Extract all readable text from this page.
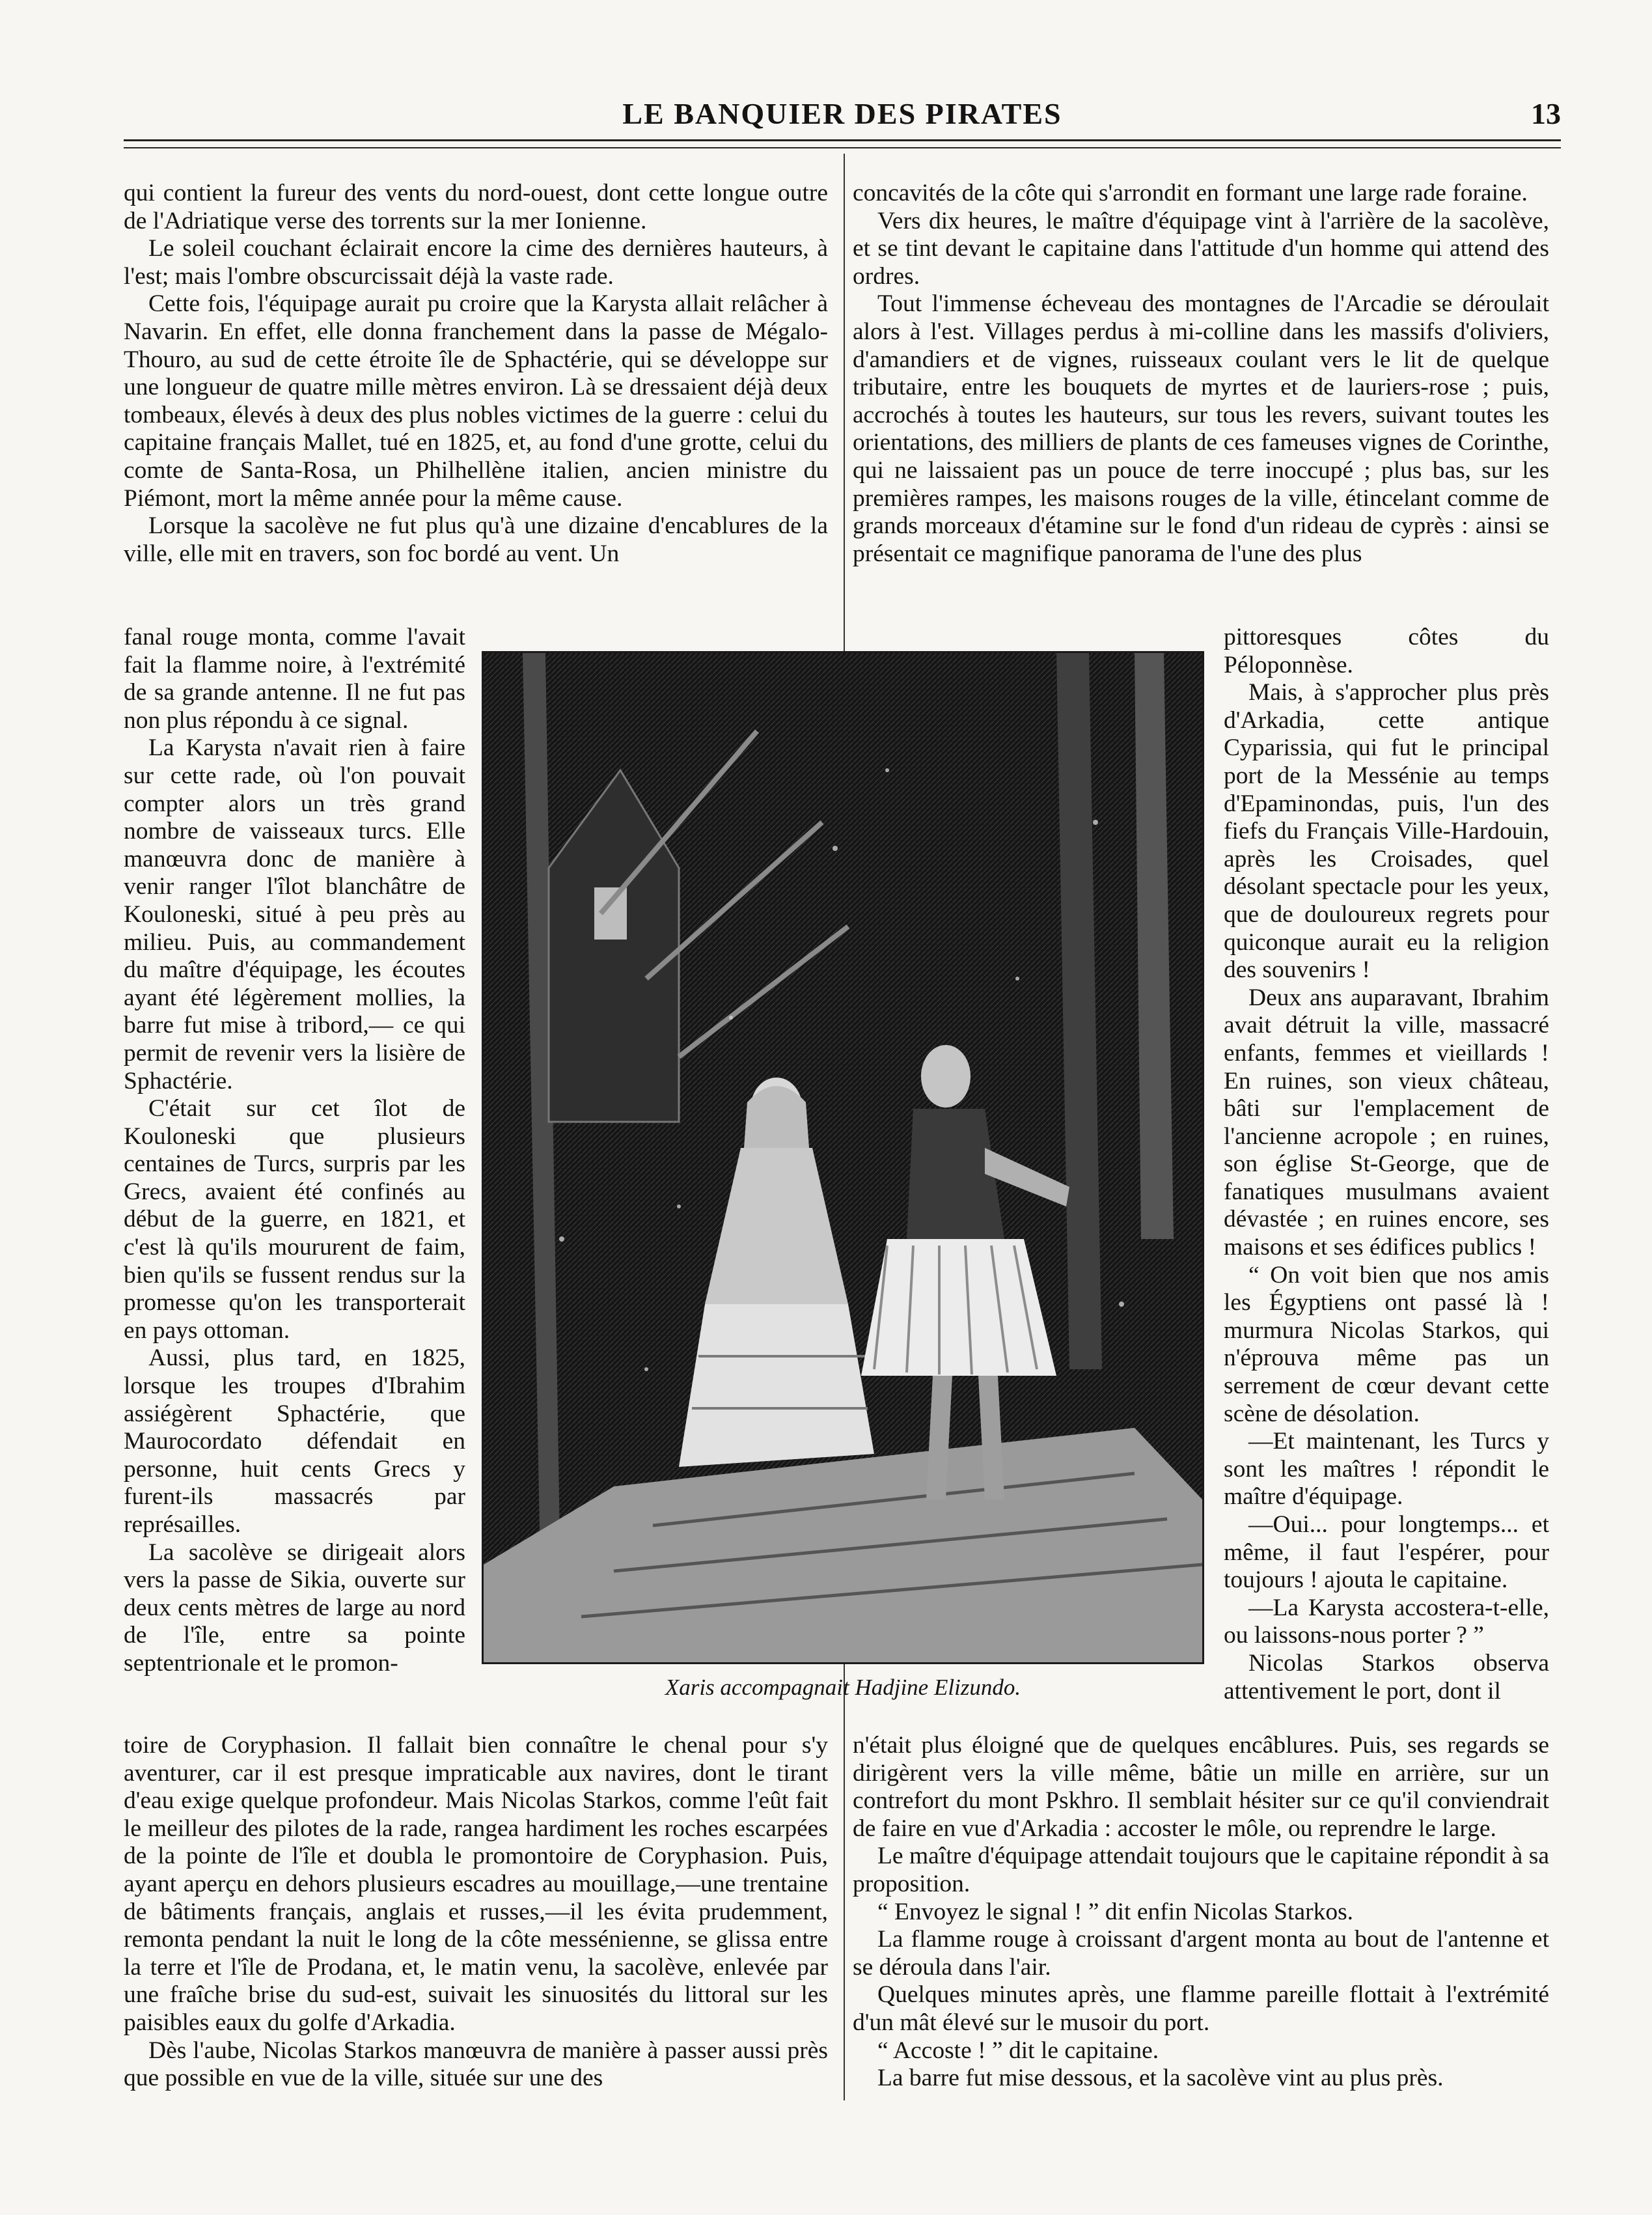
LE BANQUIER DES PIRATES	13

qui contient la fureur des vents du nord-ouest, dont cette longue outre de l'Adriatique verse des torrents sur la mer Ionienne.

Le soleil couchant éclairait encore la cime des dernières hauteurs, à l'est; mais l'ombre obscurcissait déjà la vaste rade.

Cette fois, l'équipage aurait pu croire que la Karysta allait relâcher à Navarin. En effet, elle donna franchement dans la passe de Mégalo-Thouro, au sud de cette étroite île de Sphactérie, qui se développe sur une longueur de quatre mille mètres environ. Là se dressaient déjà deux tombeaux, élevés à deux des plus nobles victimes de la guerre : celui du capitaine français Mallet, tué en 1825, et, au fond d'une grotte, celui du comte de Santa-Rosa, un Philhellène italien, ancien ministre du Piémont, mort la même année pour la même cause.

Lorsque la sacolève ne fut plus qu'à une dizaine d'encablures de la ville, elle mit en travers, son foc bordé au vent. Un

fanal rouge monta, comme l'avait fait la flamme noire, à l'extrémité de sa grande antenne. Il ne fut pas non plus répondu à ce signal.

La Karysta n'avait rien à faire sur cette rade, où l'on pouvait compter alors un très grand nombre de vaisseaux turcs. Elle manœuvra donc de manière à venir ranger l'îlot blanchâtre de Kouloneski, situé à peu près au milieu. Puis, au commandement du maître d'équipage, les écoutes ayant été légèrement mollies, la barre fut mise à tribord,— ce qui permit de revenir vers la lisière de Sphactérie.

C'était sur cet îlot de Kouloneski que plusieurs centaines de Turcs, surpris par les Grecs, avaient été confinés au début de la guerre, en 1821, et c'est là qu'ils moururent de faim, bien qu'ils se fussent rendus sur la promesse qu'on les transporterait en pays ottoman.

Aussi, plus tard, en 1825, lorsque les troupes d'Ibrahim assiégèrent Sphactérie, que Maurocordato défendait en personne, huit cents Grecs y furent-ils massacrés par représailles.

La sacolève se dirigeait alors vers la passe de Sikia, ouverte sur deux cents mètres de large au nord de l'île, entre sa pointe septentrionale et le promon-

toire de Coryphasion. Il fallait bien connaître le chenal pour s'y aventurer, car il est presque impraticable aux navires, dont le tirant d'eau exige quelque profondeur. Mais Nicolas Starkos, comme l'eût fait le meilleur des pilotes de la rade, rangea hardiment les roches escarpées de la pointe de l'île et doubla le promontoire de Coryphasion. Puis, ayant aperçu en dehors plusieurs escadres au mouillage,—une trentaine de bâtiments français, anglais et russes,—il les évita prudemment, remonta pendant la nuit le long de la côte messénienne, se glissa entre la terre et l'île de Prodana, et, le matin venu, la sacolève, enlevée par une fraîche brise du sud-est, suivait les sinuosités du littoral sur les paisibles eaux du golfe d'Arkadia.

Dès l'aube, Nicolas Starkos manœuvra de manière à passer aussi près que possible en vue de la ville, située sur une des

concavités de la côte qui s'arrondit en formant une large rade foraine.

Vers dix heures, le maître d'équipage vint à l'arrière de la sacolève, et se tint devant le capitaine dans l'attitude d'un homme qui attend des ordres.

Tout l'immense écheveau des montagnes de l'Arcadie se déroulait alors à l'est. Villages perdus à mi-colline dans les massifs d'oliviers, d'amandiers et de vignes, ruisseaux coulant vers le lit de quelque tributaire, entre les bouquets de myrtes et de lauriers-rose ; puis, accrochés à toutes les hauteurs, sur tous les revers, suivant toutes les orientations, des milliers de plants de ces fameuses vignes de Corinthe, qui ne laissaient pas un pouce de terre inoccupé ; plus bas, sur les premières rampes, les maisons rouges de la ville, étincelant comme de grands morceaux d'étamine sur le fond d'un rideau de cyprès : ainsi se présentait ce magnifique panorama de l'une des plus

pittoresques côtes du Péloponnèse.

Mais, à s'approcher plus près d'Arkadia, cette antique Cyparissia, qui fut le principal port de la Messénie au temps d'Epaminondas, puis, l'un des fiefs du Français Ville-Hardouin, après les Croisades, quel désolant spectacle pour les yeux, que de douloureux regrets pour quiconque aurait eu la religion des souvenirs !

Deux ans auparavant, Ibrahim avait détruit la ville, massacré enfants, femmes et vieillards ! En ruines, son vieux château, bâti sur l'emplacement de l'ancienne acropole ; en ruines, son église St-George, que de fanatiques musulmans avaient dévastée ; en ruines encore, ses maisons et ses édifices publics !

“ On voit bien que nos amis les Égyptiens ont passé là ! murmura Nicolas Starkos, qui n'éprouva même pas un serrement de cœur devant cette scène de désolation.

—Et maintenant, les Turcs y sont les maîtres ! répondit le maître d'équipage.

—Oui... pour longtemps... et même, il faut l'espérer, pour toujours ! ajouta le capitaine.

—La Karysta accostera-t-elle, ou laissons-nous porter ? ”

Nicolas Starkos observa attentivement le port, dont il

n'était plus éloigné que de quelques encâblures. Puis, ses regards se dirigèrent vers la ville même, bâtie un mille en arrière, sur un contrefort du mont Pskhro. Il semblait hésiter sur ce qu'il conviendrait de faire en vue d'Arkadia : accoster le môle, ou reprendre le large.

Le maître d'équipage attendait toujours que le capitaine répondit à sa proposition.

“ Envoyez le signal ! ” dit enfin Nicolas Starkos.

La flamme rouge à croissant d'argent monta au bout de l'antenne et se déroula dans l'air.

Quelques minutes après, une flamme pareille flottait à l'extrémité d'un mât élevé sur le musoir du port.

“ Accoste ! ” dit le capitaine.

La barre fut mise dessous, et la sacolève vint au plus près.

Xaris accompagnait Hadjine Elizundo.
